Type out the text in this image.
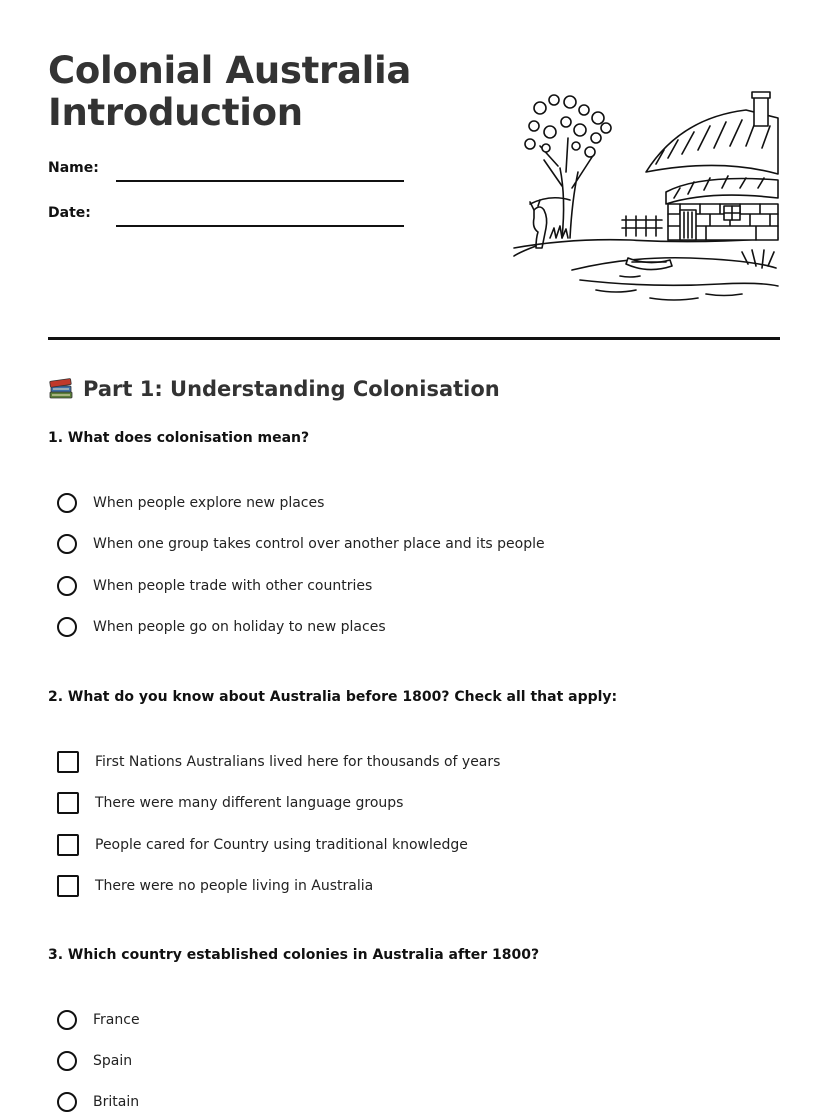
Colonial Australia
Introduction
Name:
Date:
Part 1: Understanding Colonisation

1. What does colonisation mean?

When people explore new places
When one group takes control over another place and its people
When people trade with other countries
When people go on holiday to new places

2. What do you know about Australia before 1800? Check all that apply:

First Nations Australians lived here for thousands of years
There were many different language groups
People cared for Country using traditional knowledge
There were no people living in Australia

3. Which country established colonies in Australia after 1800?

France
Spain
Britain
